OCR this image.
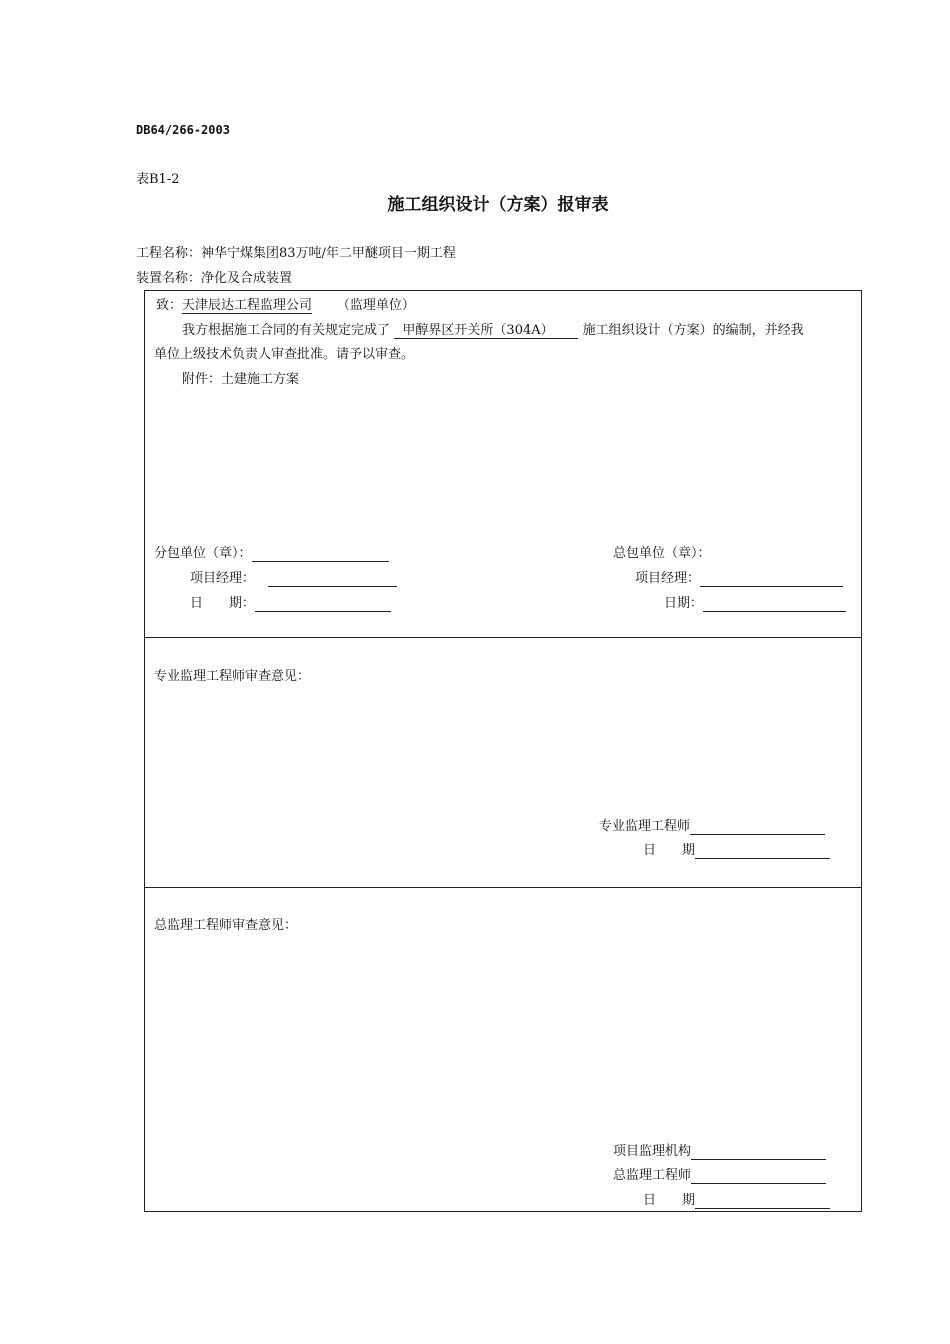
DB64/266-2003
表B1-2
施工组织设计（方案）报审表
工程名称：神华宁煤集团83万吨/年二甲醚项目一期工程
装置名称：净化及合成装置
致：天津辰达工程监理公司 （监理单位）
我方根据施工合同的有关规定完成了 甲醇界区开关所（304A） 施工组织设计（方案）的编制，并经我
单位上级技术负责人审查批准。请予以审查。
附件：土建施工方案
分包单位（章）：
项目经理：
日　　期：
总包单位（章）：
项目经理：
日期：
专业监理工程师审查意见：
专业监理工程师
日　　期
总监理工程师审查意见：
项目监理机构
总监理工程师
日　　期
